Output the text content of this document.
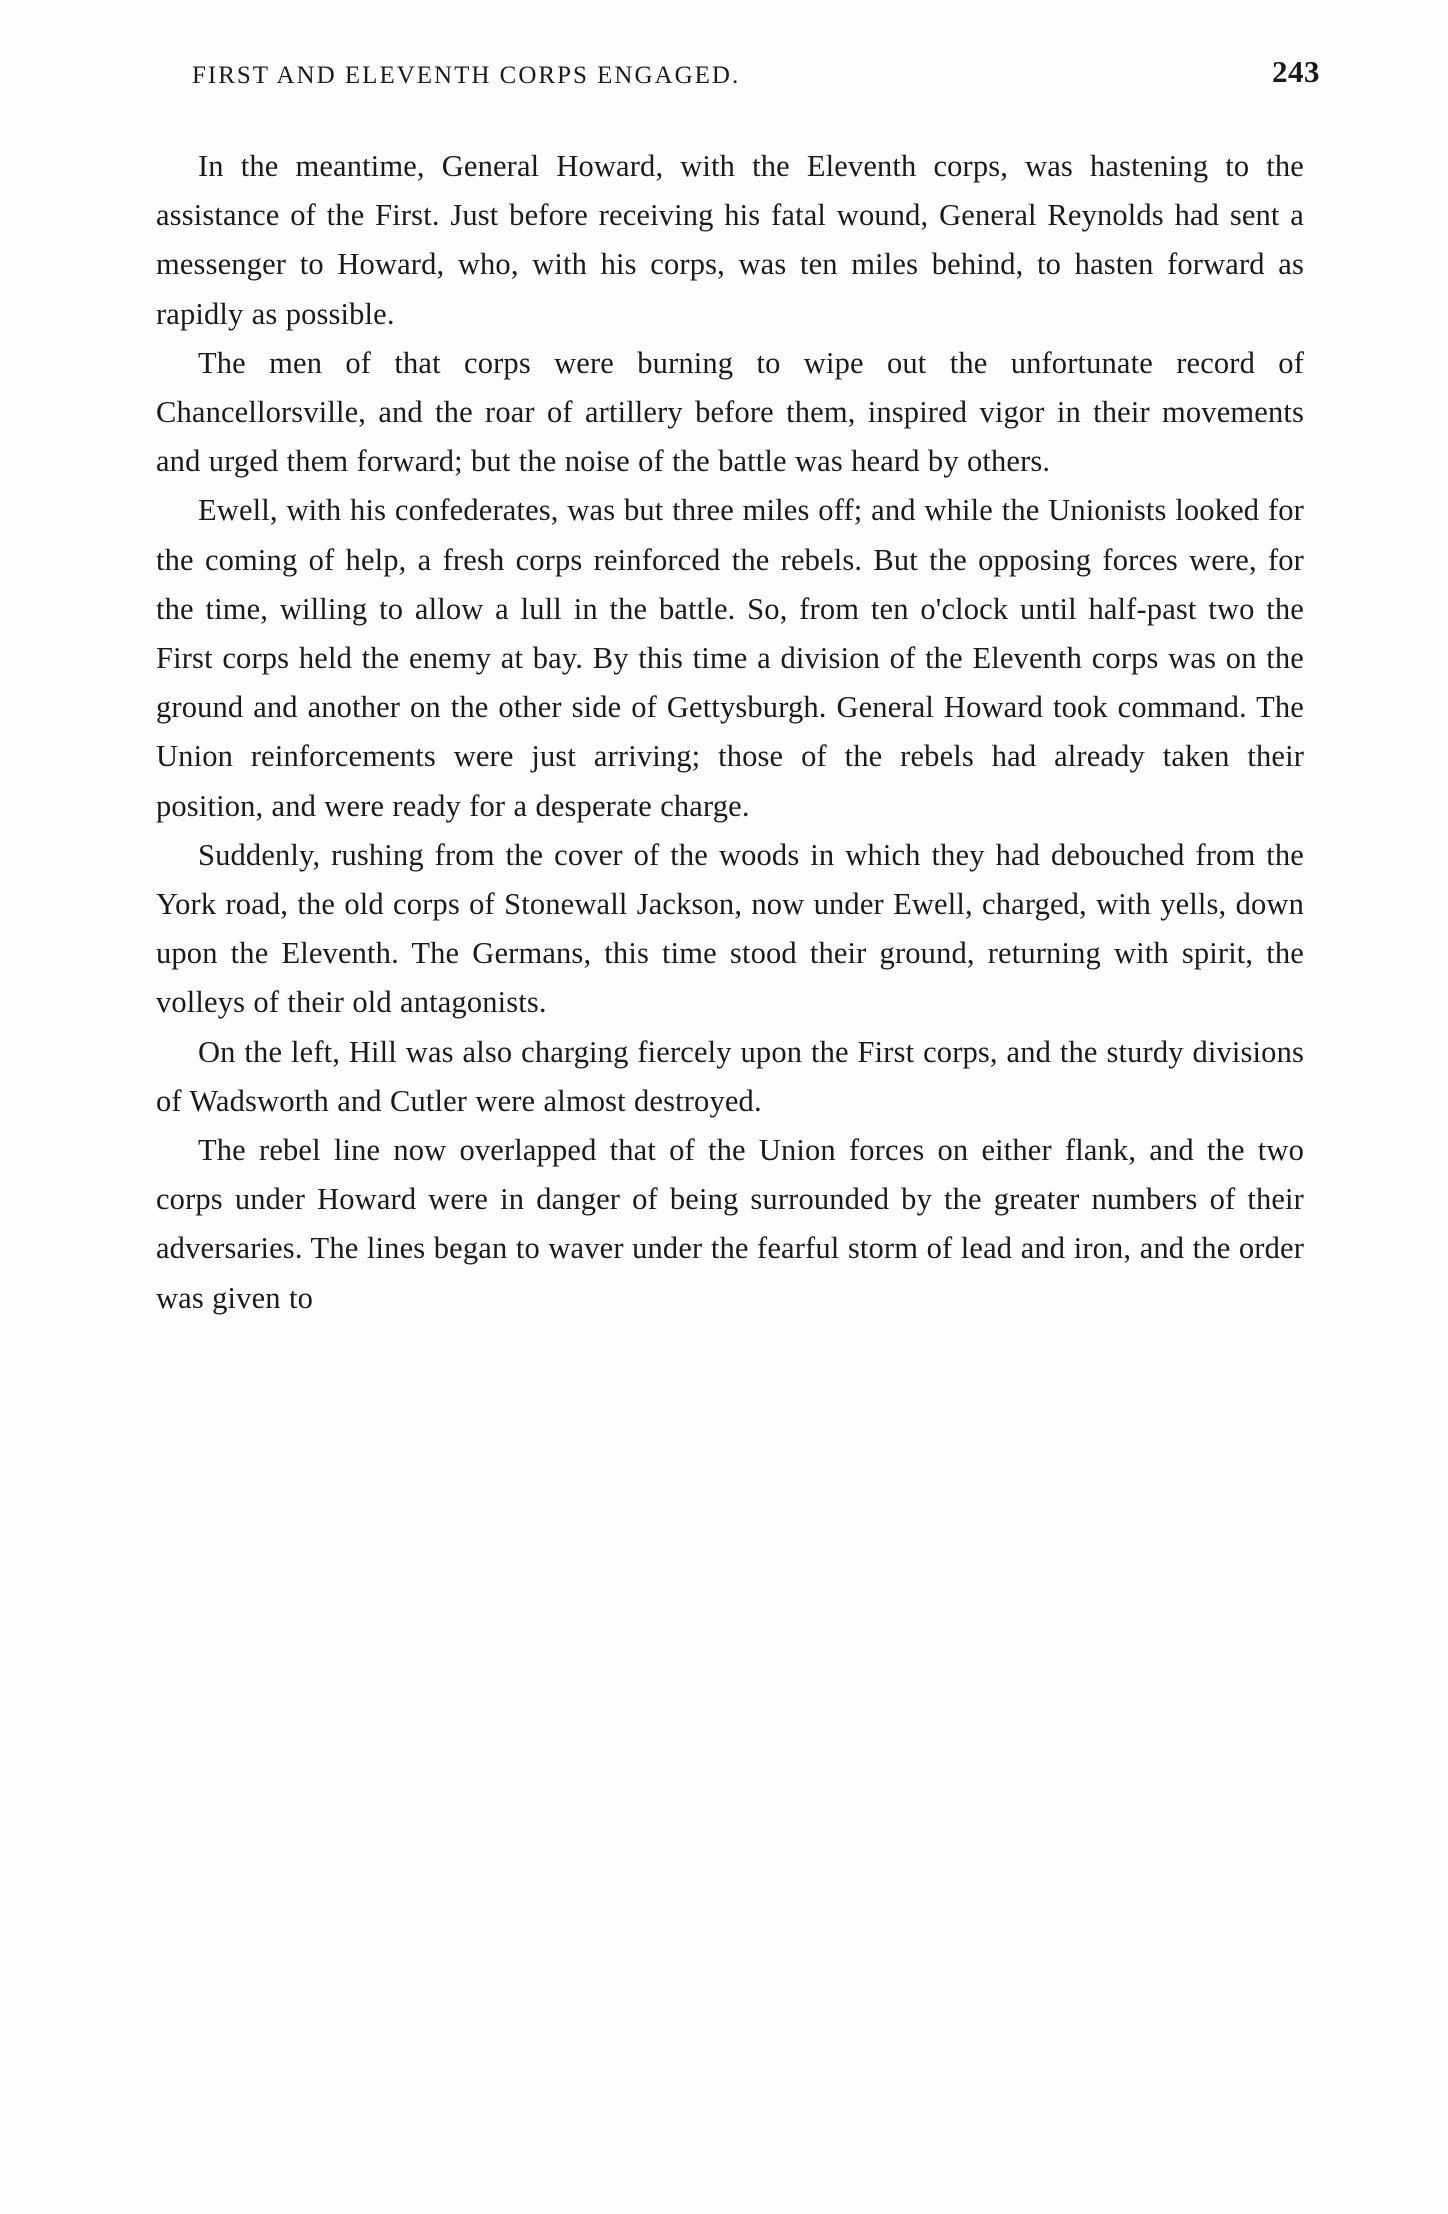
FIRST AND ELEVENTH CORPS ENGAGED.	243

In the meantime, General Howard, with the Eleventh corps, was hastening to the assistance of the First. Just before receiving his fatal wound, General Reynolds had sent a messenger to Howard, who, with his corps, was ten miles behind, to hasten forward as rapidly as possible.

The men of that corps were burning to wipe out the unfortunate record of Chancellorsville, and the roar of artillery before them, inspired vigor in their movements and urged them forward; but the noise of the battle was heard by others.

Ewell, with his confederates, was but three miles off; and while the Unionists looked for the coming of help, a fresh corps reinforced the rebels. But the opposing forces were, for the time, willing to allow a lull in the battle. So, from ten o'clock until half-past two the First corps held the enemy at bay. By this time a division of the Eleventh corps was on the ground and another on the other side of Gettysburgh. General Howard took command. The Union reinforcements were just arriving; those of the rebels had already taken their position, and were ready for a desperate charge.

Suddenly, rushing from the cover of the woods in which they had debouched from the York road, the old corps of Stonewall Jackson, now under Ewell, charged, with yells, down upon the Eleventh. The Germans, this time stood their ground, returning with spirit, the volleys of their old antagonists.

On the left, Hill was also charging fiercely upon the First corps, and the sturdy divisions of Wadsworth and Cutler were almost destroyed.

The rebel line now overlapped that of the Union forces on either flank, and the two corps under Howard were in danger of being surrounded by the greater numbers of their adversaries. The lines began to waver under the fearful storm of lead and iron, and the order was given to
